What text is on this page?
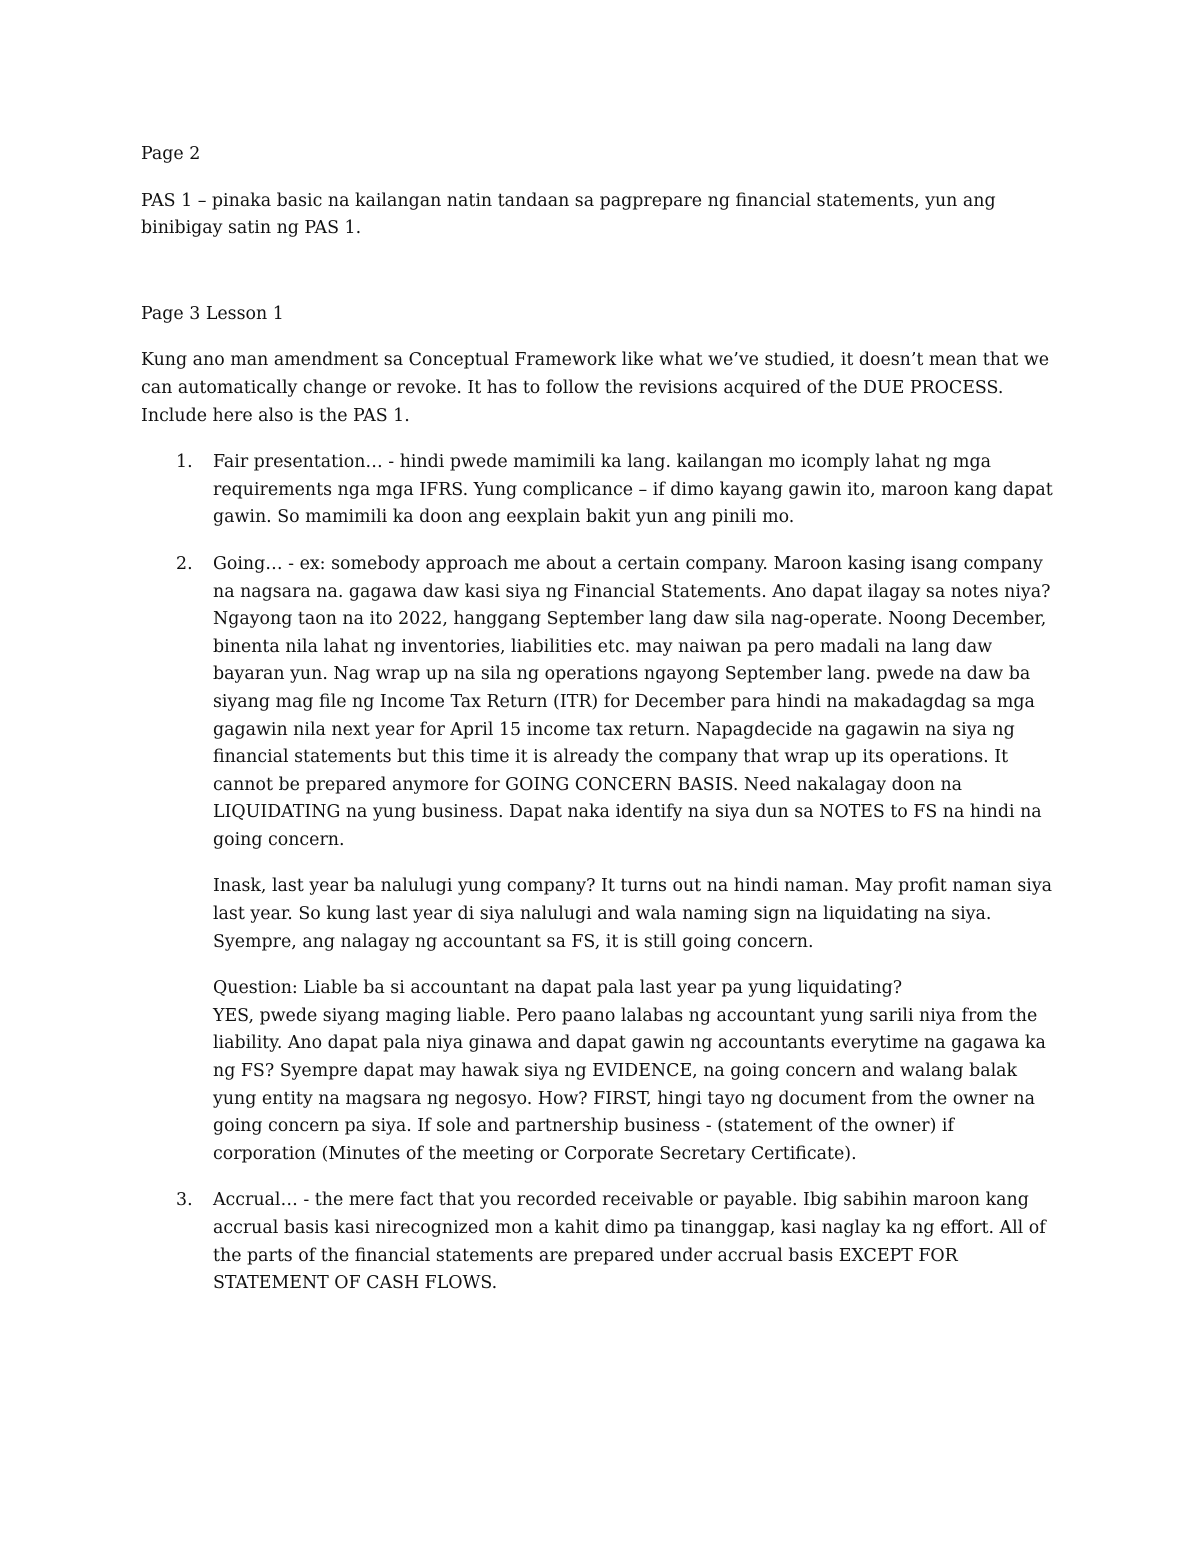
Page 2

PAS 1 – pinaka basic na kailangan natin tandaan sa pagprepare ng financial statements, yun ang binibigay satin ng PAS 1.

Page 3 Lesson 1

Kung ano man amendment sa Conceptual Framework like what we’ve studied, it doesn’t mean that we can automatically change or revoke. It has to follow the revisions acquired of the DUE PROCESS. Include here also is the PAS 1.

1. Fair presentation… - hindi pwede mamimili ka lang. kailangan mo icomply lahat ng mga requirements nga mga IFRS. Yung complicance – if dimo kayang gawin ito, maroon kang dapat gawin. So mamimili ka doon ang eexplain bakit yun ang pinili mo.

2. Going… - ex: somebody approach me about a certain company. Maroon kasing isang company na nagsara na. gagawa daw kasi siya ng Financial Statements. Ano dapat ilagay sa notes niya? Ngayong taon na ito 2022, hanggang September lang daw sila nag-operate. Noong December, binenta nila lahat ng inventories, liabilities etc. may naiwan pa pero madali na lang daw bayaran yun. Nag wrap up na sila ng operations ngayong September lang. pwede na daw ba siyang mag file ng Income Tax Return (ITR) for December para hindi na makadagdag sa mga gagawin nila next year for April 15 income tax return. Napagdecide na gagawin na siya ng financial statements but this time it is already the company that wrap up its operations. It cannot be prepared anymore for GOING CONCERN BASIS. Need nakalagay doon na LIQUIDATING na yung business. Dapat naka identify na siya dun sa NOTES to FS na hindi na going concern.

Inask, last year ba nalulugi yung company? It turns out na hindi naman. May profit naman siya last year. So kung last year di siya nalulugi and wala naming sign na liquidating na siya. Syempre, ang nalagay ng accountant sa FS, it is still going concern.

Question: Liable ba si accountant na dapat pala last year pa yung liquidating?

YES, pwede siyang maging liable. Pero paano lalabas ng accountant yung sarili niya from the liability. Ano dapat pala niya ginawa and dapat gawin ng accountants everytime na gagawa ka ng FS? Syempre dapat may hawak siya ng EVIDENCE, na going concern and walang balak yung entity na magsara ng negosyo. How? FIRST, hingi tayo ng document from the owner na going concern pa siya. If sole and partnership business - (statement of the owner) if corporation (Minutes of the meeting or Corporate Secretary Certificate).

3. Accrual… - the mere fact that you recorded receivable or payable. Ibig sabihin maroon kang accrual basis kasi nirecognized mon a kahit dimo pa tinanggap, kasi naglay ka ng effort. All of the parts of the financial statements are prepared under accrual basis EXCEPT FOR STATEMENT OF CASH FLOWS.
